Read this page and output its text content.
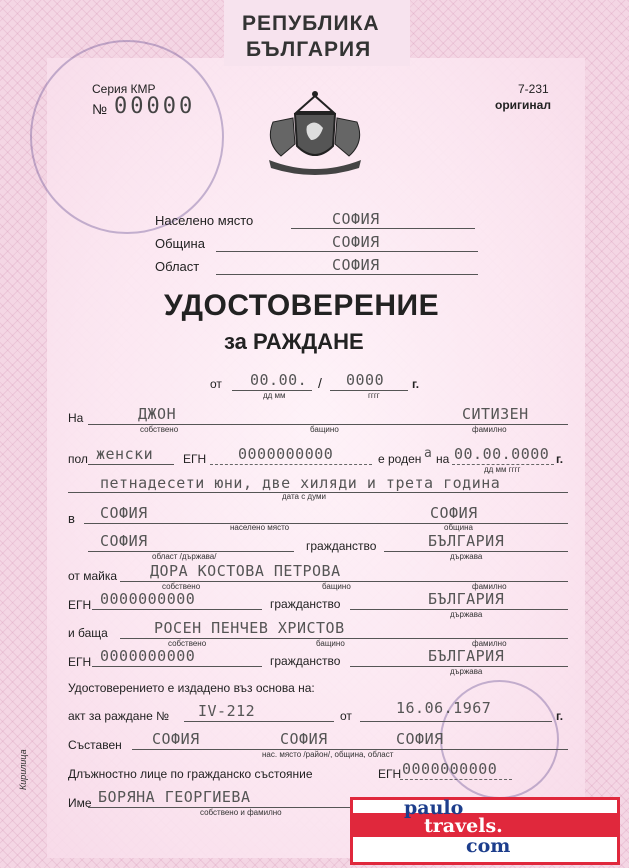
РЕПУБЛИКА
БЪЛГАРИЯ
Серия КМР
№ 00000
7-231
оригинал
Населено място	СОФИЯ
Община	СОФИЯ
Област	СОФИЯ
УДОСТОВЕРЕНИЕ
за РАЖДАНЕ
от 00.00. / 0000 г.
дд мм	гггг
На	ДЖОН	СИТИЗЕН
собствено	бащино	фамилно
пол женски ЕГН 0000000000	е роден а на 00.00.0000 г.
дд мм гггг
петнадесети юни, две хиляди и трета година
дата с думи
в СОФИЯ	СОФИЯ
населено място	община
СОФИЯ
област /държава/
гражданство	БЪЛГАРИЯ
държава
от майка ДОРА КОСТОВА ПЕТРОВА
собствено	бащино	фамилно
ЕГН 0000000000	гражданство	БЪЛГАРИЯ
държава
и баща	РОСЕН ПЕНЧЕВ ХРИСТОВ
собствено	бащино	фамилно
ЕГН 0000000000	гражданство	БЪЛГАРИЯ
държава
Удостоверението е издадено въз основа на:
акт за раждане № IV-212	от	16.06.1967	г.
Съставен СОФИЯ	СОФИЯ	СОФИЯ
нас. място /район/, община, област
Длъжностно лице по гражданско състояние	ЕГН 0000000000
Име БОРЯНА ГЕОРГИЕВА
собствено и фамилно
Кирилица
paulo
travels.
com
